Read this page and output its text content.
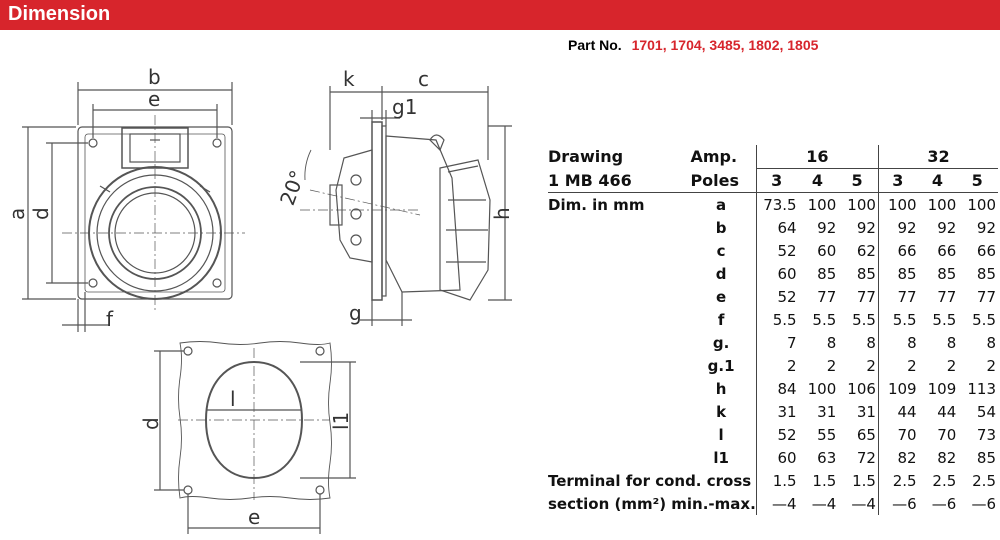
Dimension
Part No. 1701, 1704, 3485, 1802, 1805
b
e
a d
f
k	c
g1
20°
h
g
l
d	l1
e
Drawing	Amp.	16			32		
1 MB 466	Poles	3	4	5	3	4	5
Dim. in mm	a	73.5	100	100	100	100	100
	b	64	92	92	92	92	92
	c	52	60	62	66	66	66
	d	60	85	85	85	85	85
	e	52	77	77	77	77	77
	f	5.5	5.5	5.5	5.5	5.5	5.5
	g.	7	8	8	8	8	8
	g.1	2	2	2	2	2	2
	h	84	100	106	109	109	113
	k	31	31	31	44	44	54
	l	52	55	65	70	70	73
	l1	60	63	72	82	82	85
Terminal for cond. cross		1.5	1.5	1.5	2.5	2.5	2.5
section (mm²) min.-max.		—4	—4	—4	—6	—6	—6
